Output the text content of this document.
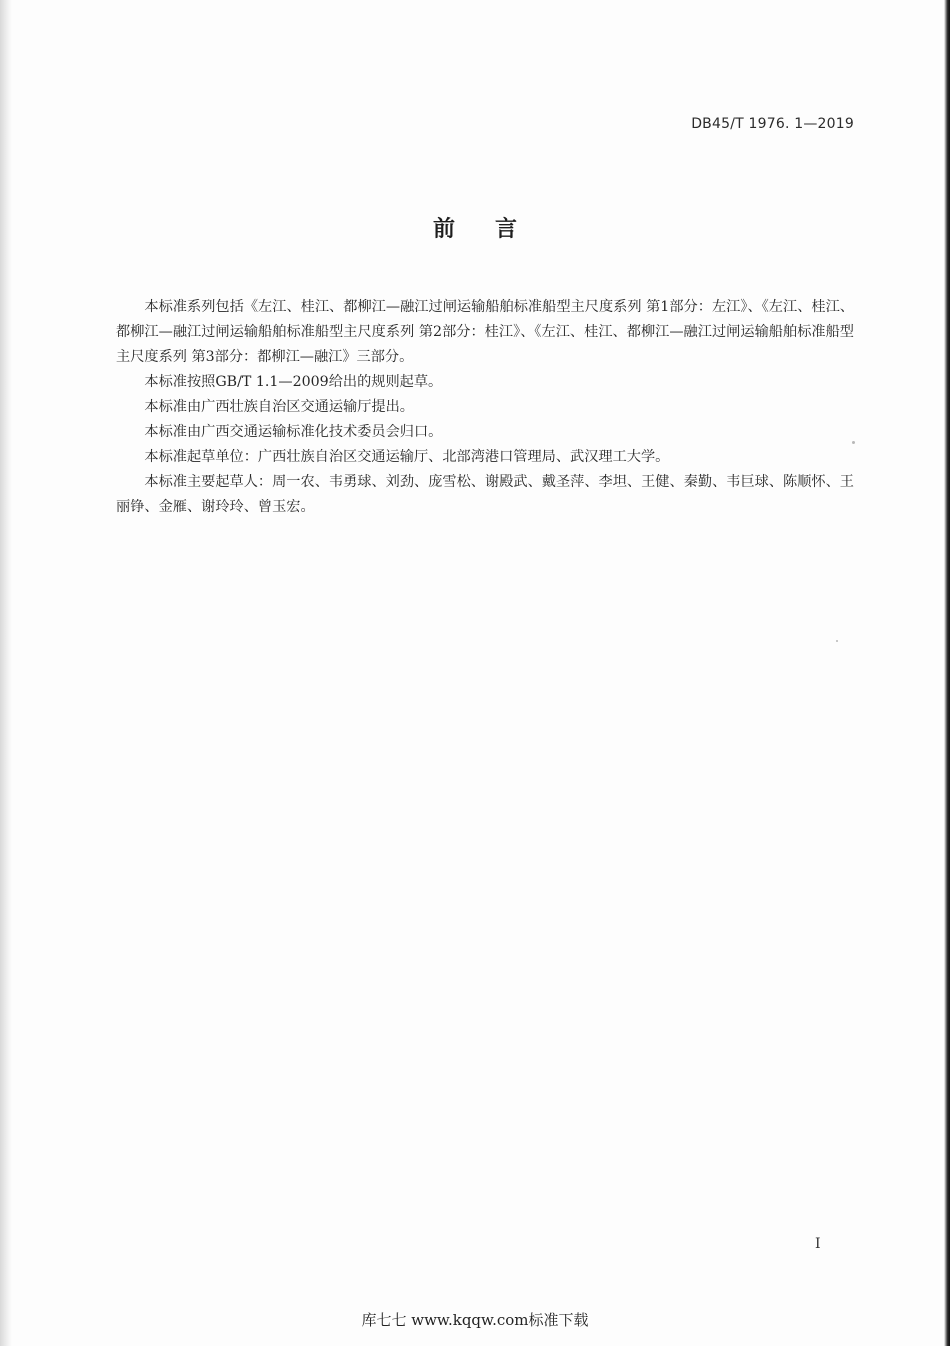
DB45/T 1976. 1—2019
前言

本标准系列包括《左江、桂江、都柳江—融江过闸运输船舶标准船型主尺度系列 第1部分：左江》、《左江、桂江、都柳江—融江过闸运输船舶标准船型主尺度系列 第2部分：桂江》、《左江、桂江、都柳江—融江过闸运输船舶标准船型主尺度系列 第3部分：都柳江—融江》三部分。

本标准按照GB/T 1.1—2009给出的规则起草。

本标准由广西壮族自治区交通运输厅提出。

本标准由广西交通运输标准化技术委员会归口。

本标准起草单位：广西壮族自治区交通运输厅、北部湾港口管理局、武汉理工大学。

本标准主要起草人：周一农、韦勇球、刘劲、庞雪松、谢殿武、戴圣萍、李坦、王健、秦勤、韦巨球、陈顺怀、王丽铮、金雁、谢玲玲、曾玉宏。

I
库七七 www.kqqw.com标准下载
